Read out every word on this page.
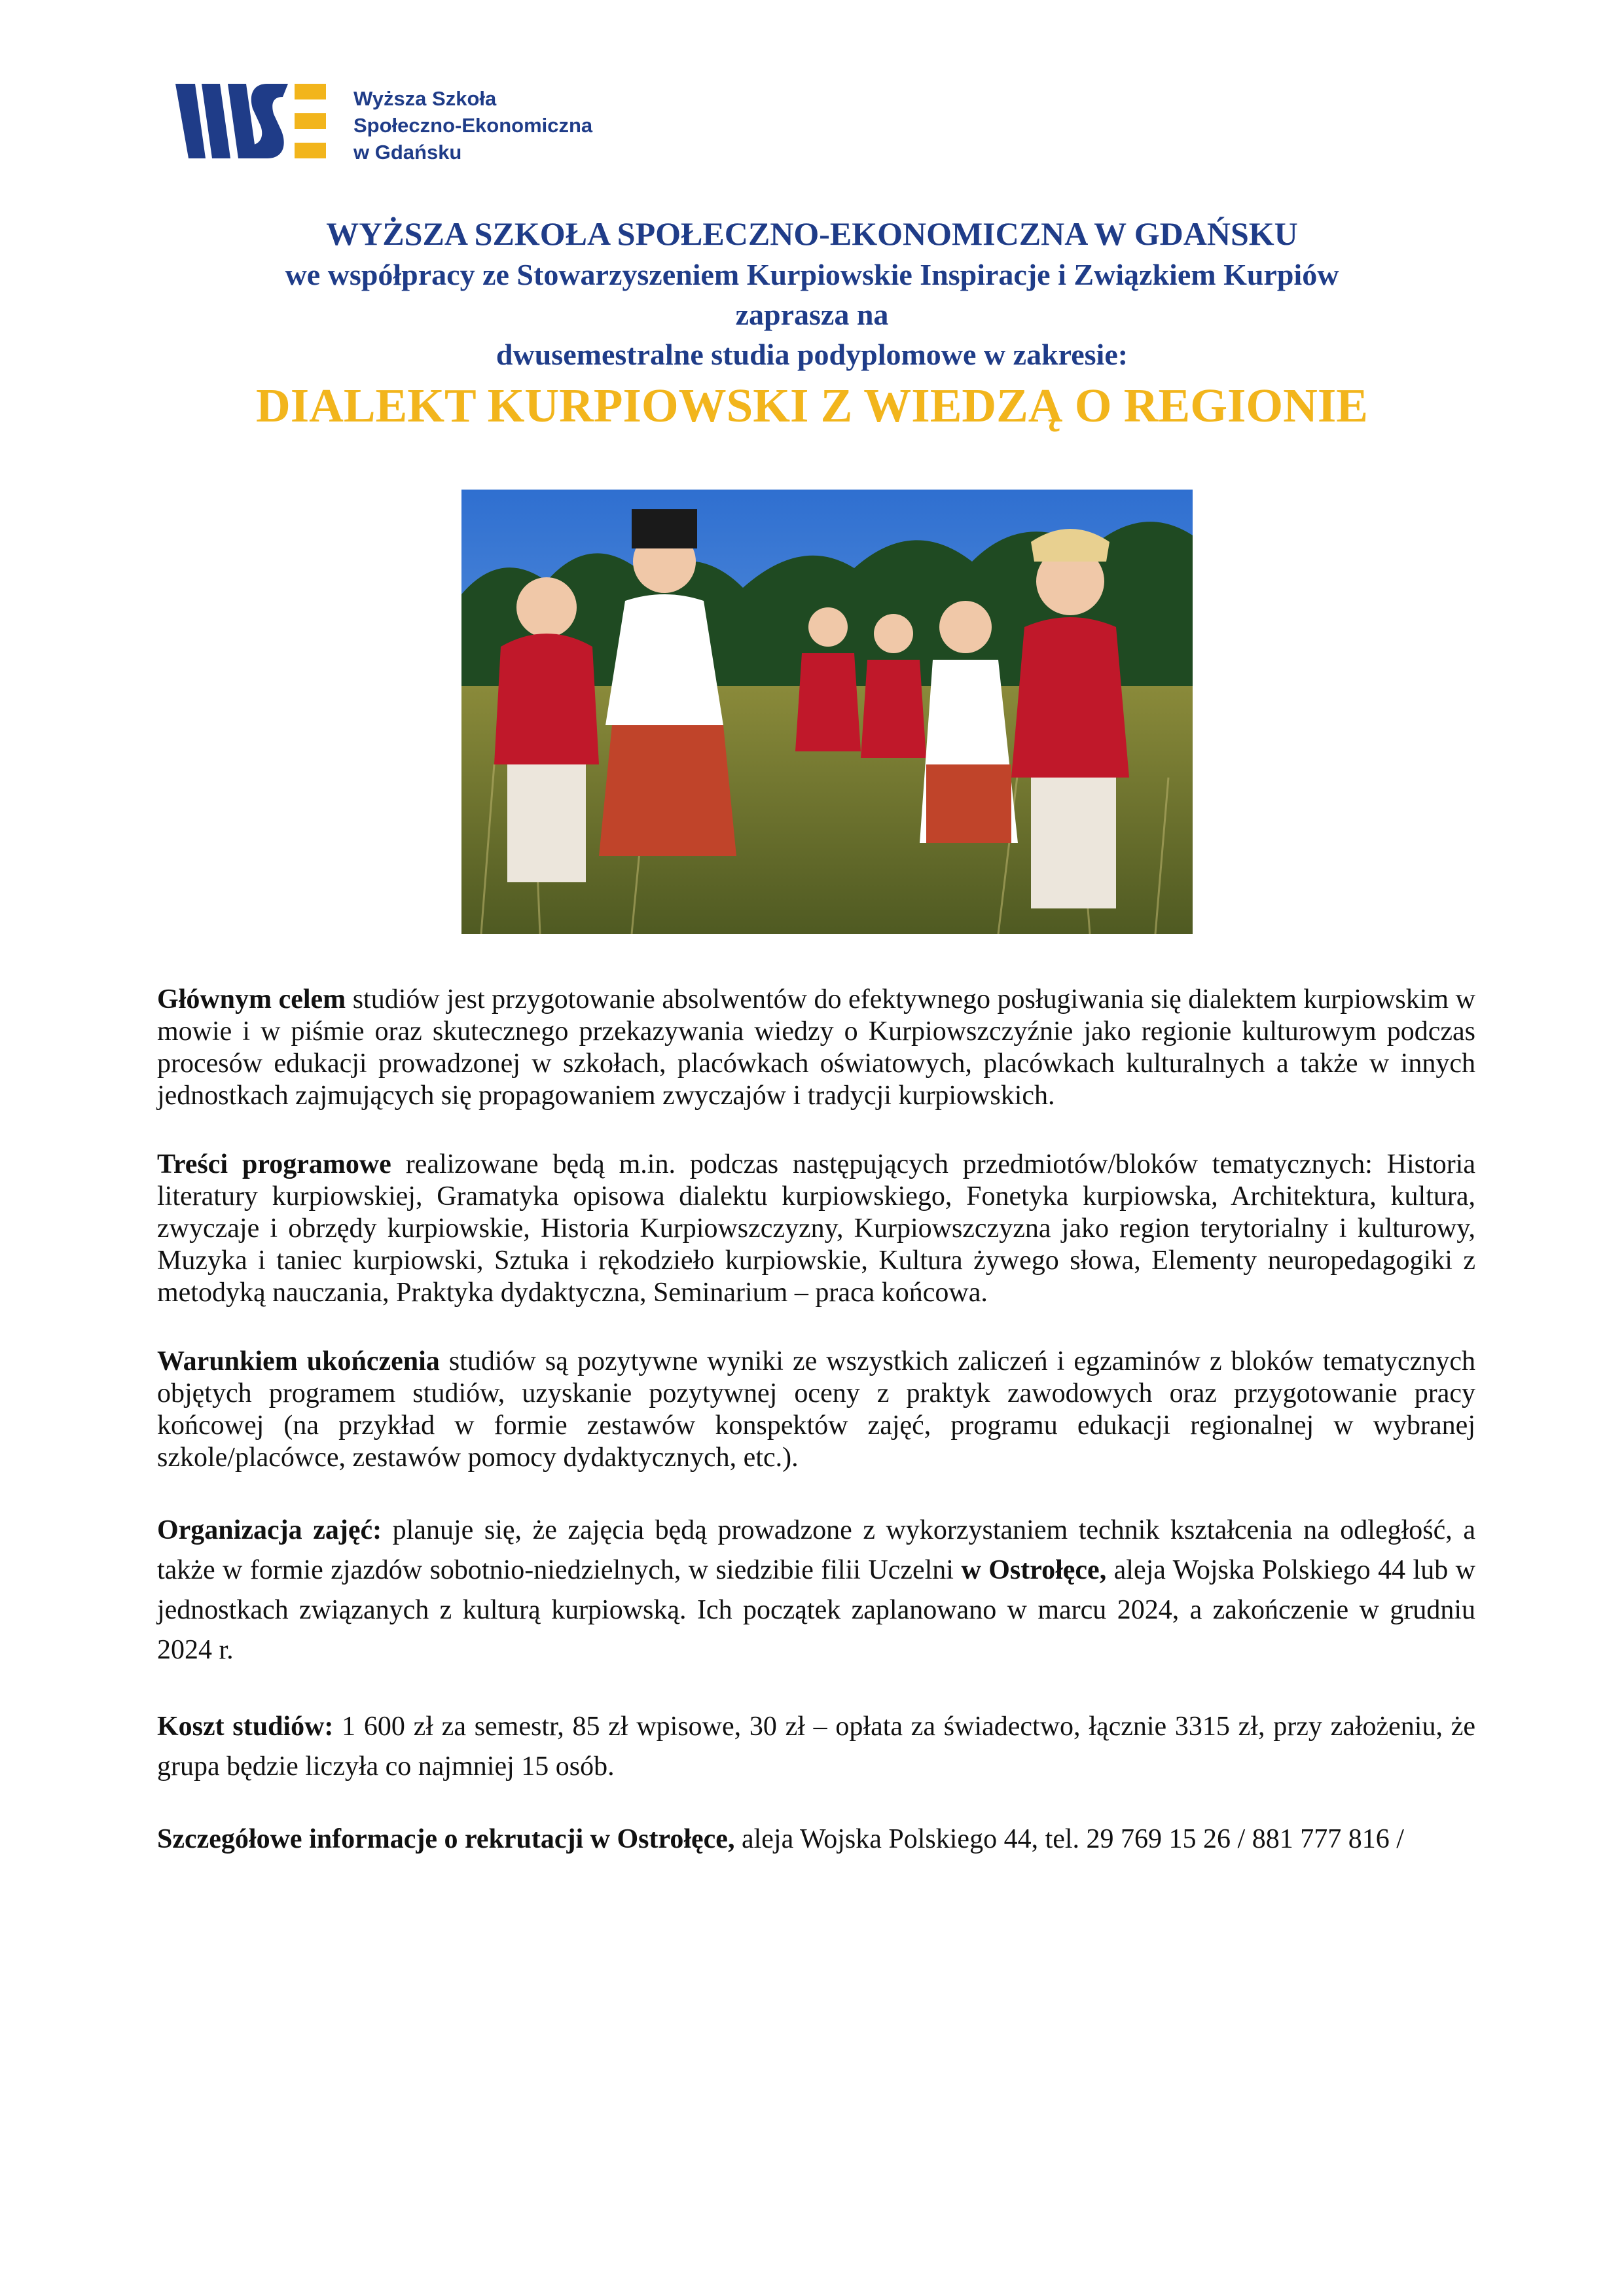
Wyższa Szkoła
Społeczno-Ekonomiczna
w Gdańsku
WYŻSZA SZKOŁA SPOŁECZNO-EKONOMICZNA W GDAŃSKU
we współpracy ze Stowarzyszeniem Kurpiowskie Inspiracje i Związkiem Kurpiów
zaprasza na
dwusemestralne studia podyplomowe w zakresie:
DIALEKT KURPIOWSKI Z WIEDZĄ O REGIONIE

Głównym celem studiów jest przygotowanie absolwentów do efektywnego posługiwania się dialektem kurpiowskim w mowie i w piśmie oraz skutecznego przekazywania wiedzy o Kurpiowszczyźnie jako regionie kulturowym podczas procesów edukacji prowadzonej w szkołach, placówkach oświatowych, placówkach kulturalnych a także w innych jednostkach zajmujących się propagowaniem zwyczajów i tradycji kurpiowskich.

Treści programowe realizowane będą m.in. podczas następujących przedmiotów/bloków tematycznych: Historia literatury kurpiowskiej, Gramatyka opisowa dialektu kurpiowskiego, Fonetyka kurpiowska, Architektura, kultura, zwyczaje i obrzędy kurpiowskie, Historia Kurpiowszczyzny, Kurpiowszczyzna jako region terytorialny i kulturowy, Muzyka i taniec kurpiowski, Sztuka i rękodzieło kurpiowskie, Kultura żywego słowa, Elementy neuropedagogiki z metodyką nauczania, Praktyka dydaktyczna, Seminarium – praca końcowa.

Warunkiem ukończenia studiów są pozytywne wyniki ze wszystkich zaliczeń i egzaminów z bloków tematycznych objętych programem studiów, uzyskanie pozytywnej oceny z praktyk zawodowych oraz przygotowanie pracy końcowej (na przykład w formie zestawów konspektów zajęć, programu edukacji regionalnej w wybranej szkole/placówce, zestawów pomocy dydaktycznych, etc.).

Organizacja zajęć: planuje się, że zajęcia będą prowadzone z wykorzystaniem technik kształcenia na odległość, a także w formie zjazdów sobotnio-niedzielnych, w siedzibie filii Uczelni w Ostrołęce, aleja Wojska Polskiego 44 lub w jednostkach związanych z kulturą kurpiowską. Ich początek zaplanowano w marcu 2024, a zakończenie w grudniu 2024 r.

Koszt studiów: 1 600 zł za semestr, 85 zł wpisowe, 30 zł – opłata za świadectwo, łącznie 3315 zł, przy założeniu, że grupa będzie liczyła co najmniej 15 osób.

Szczegółowe informacje o rekrutacji w Ostrołęce, aleja Wojska Polskiego 44, tel. 29 769 15 26 / 881 777 816 /
